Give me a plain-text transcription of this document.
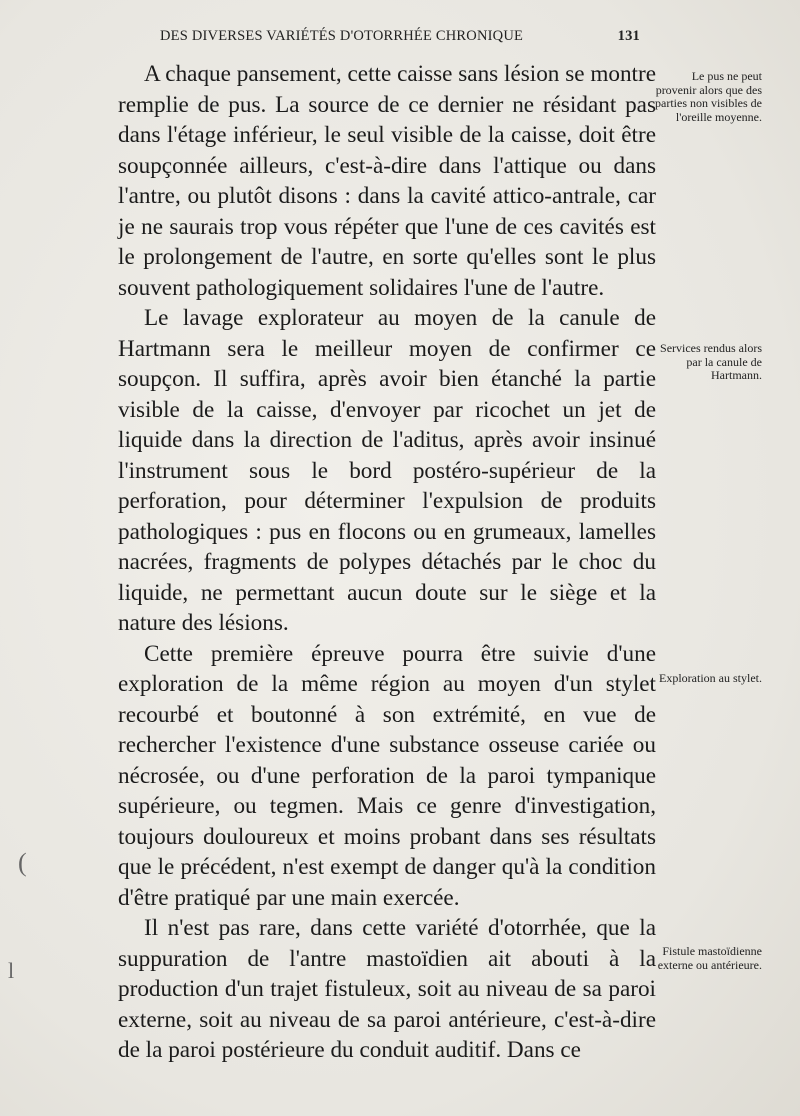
DES DIVERSES VARIÉTÉS D'OTORRHÉE CHRONIQUE	131

A chaque pansement, cette caisse sans lésion se montre remplie de pus. La source de ce dernier ne résidant pas dans l'étage inférieur, le seul visible de la caisse, doit être soupçonnée ailleurs, c'est-à-dire dans l'attique ou dans l'antre, ou plutôt disons : dans la cavité attico-antrale, car je ne saurais trop vous répéter que l'une de ces cavités est le prolongement de l'autre, en sorte qu'elles sont le plus souvent pathologiquement solidaires l'une de l'autre.

Le lavage explorateur au moyen de la canule de Hartmann sera le meilleur moyen de confirmer ce soupçon. Il suffira, après avoir bien étanché la partie visible de la caisse, d'envoyer par ricochet un jet de liquide dans la direction de l'aditus, après avoir insinué l'instrument sous le bord postéro-supérieur de la perforation, pour déterminer l'expulsion de produits pathologiques : pus en flocons ou en grumeaux, lamelles nacrées, fragments de polypes détachés par le choc du liquide, ne permettant aucun doute sur le siège et la nature des lésions.

Cette première épreuve pourra être suivie d'une exploration de la même région au moyen d'un stylet recourbé et boutonné à son extrémité, en vue de rechercher l'existence d'une substance osseuse cariée ou nécrosée, ou d'une perforation de la paroi tympanique supérieure, ou tegmen. Mais ce genre d'investigation, toujours douloureux et moins probant dans ses résultats que le précédent, n'est exempt de danger qu'à la condition d'être pratiqué par une main exercée.

Il n'est pas rare, dans cette variété d'otorrhée, que la suppuration de l'antre mastoïdien ait abouti à la production d'un trajet fistuleux, soit au niveau de sa paroi externe, soit au niveau de sa paroi antérieure, c'est-à-dire de la paroi postérieure du conduit auditif. Dans ce

Le pus ne peut provenir alors que des parties non visibles de l'oreille moyenne.
Services rendus alors par la canule de Hartmann.
Exploration au stylet.
Fistule mastoïdienne externe ou antérieure.
(
l
